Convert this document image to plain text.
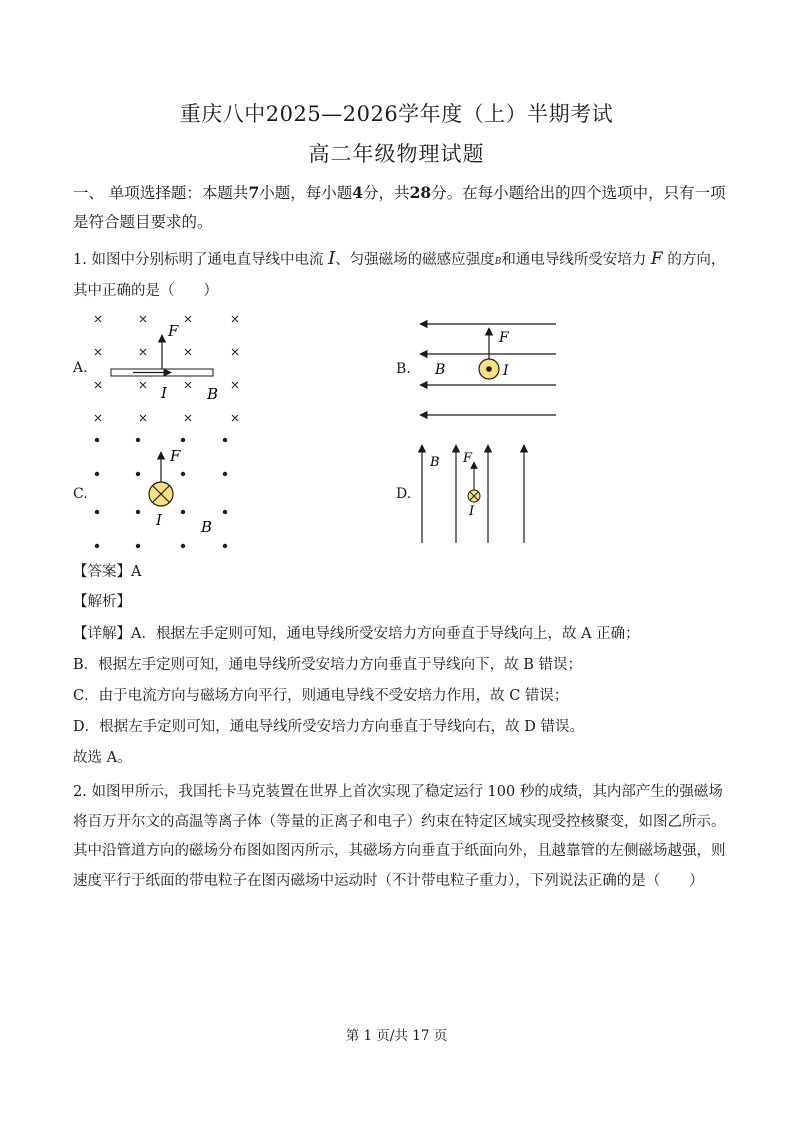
重庆八中2025—2026学年度（上）半期考试
高二年级物理试题
一、 单项选择题：本题共7小题，每小题4分，共28分。在每小题给出的四个选项中，只有一项是符合题目要求的。
1. 如图中分别标明了通电直导线中电流 I、匀强磁场的磁感应强度B和通电导线所受安培力 F 的方向，其中正确的是（　　）
F
I	B
F
B	I
F
I	B
B F
I
A.	B.
C.	D.
【答案】A
【解析】
【详解】A．根据左手定则可知，通电导线所受安培力方向垂直于导线向上，故 A 正确；
B．根据左手定则可知，通电导线所受安培力方向垂直于导线向下，故 B 错误；
C．由于电流方向与磁场方向平行，则通电导线不受安培力作用，故 C 错误；
D．根据左手定则可知，通电导线所受安培力方向垂直于导线向右，故 D 错误。
故选 A。
2. 如图甲所示，我国托卡马克装置在世界上首次实现了稳定运行 100 秒的成绩，其内部产生的强磁场将百万开尔文的高温等离子体（等量的正离子和电子）约束在特定区域实现受控核聚变，如图乙所示。其中沿管道方向的磁场分布图如图丙所示，其磁场方向垂直于纸面向外，且越靠管的左侧磁场越强，则速度平行于纸面的带电粒子在图丙磁场中运动时（不计带电粒子重力），下列说法正确的是（　　）
第 1 页/共 17 页
